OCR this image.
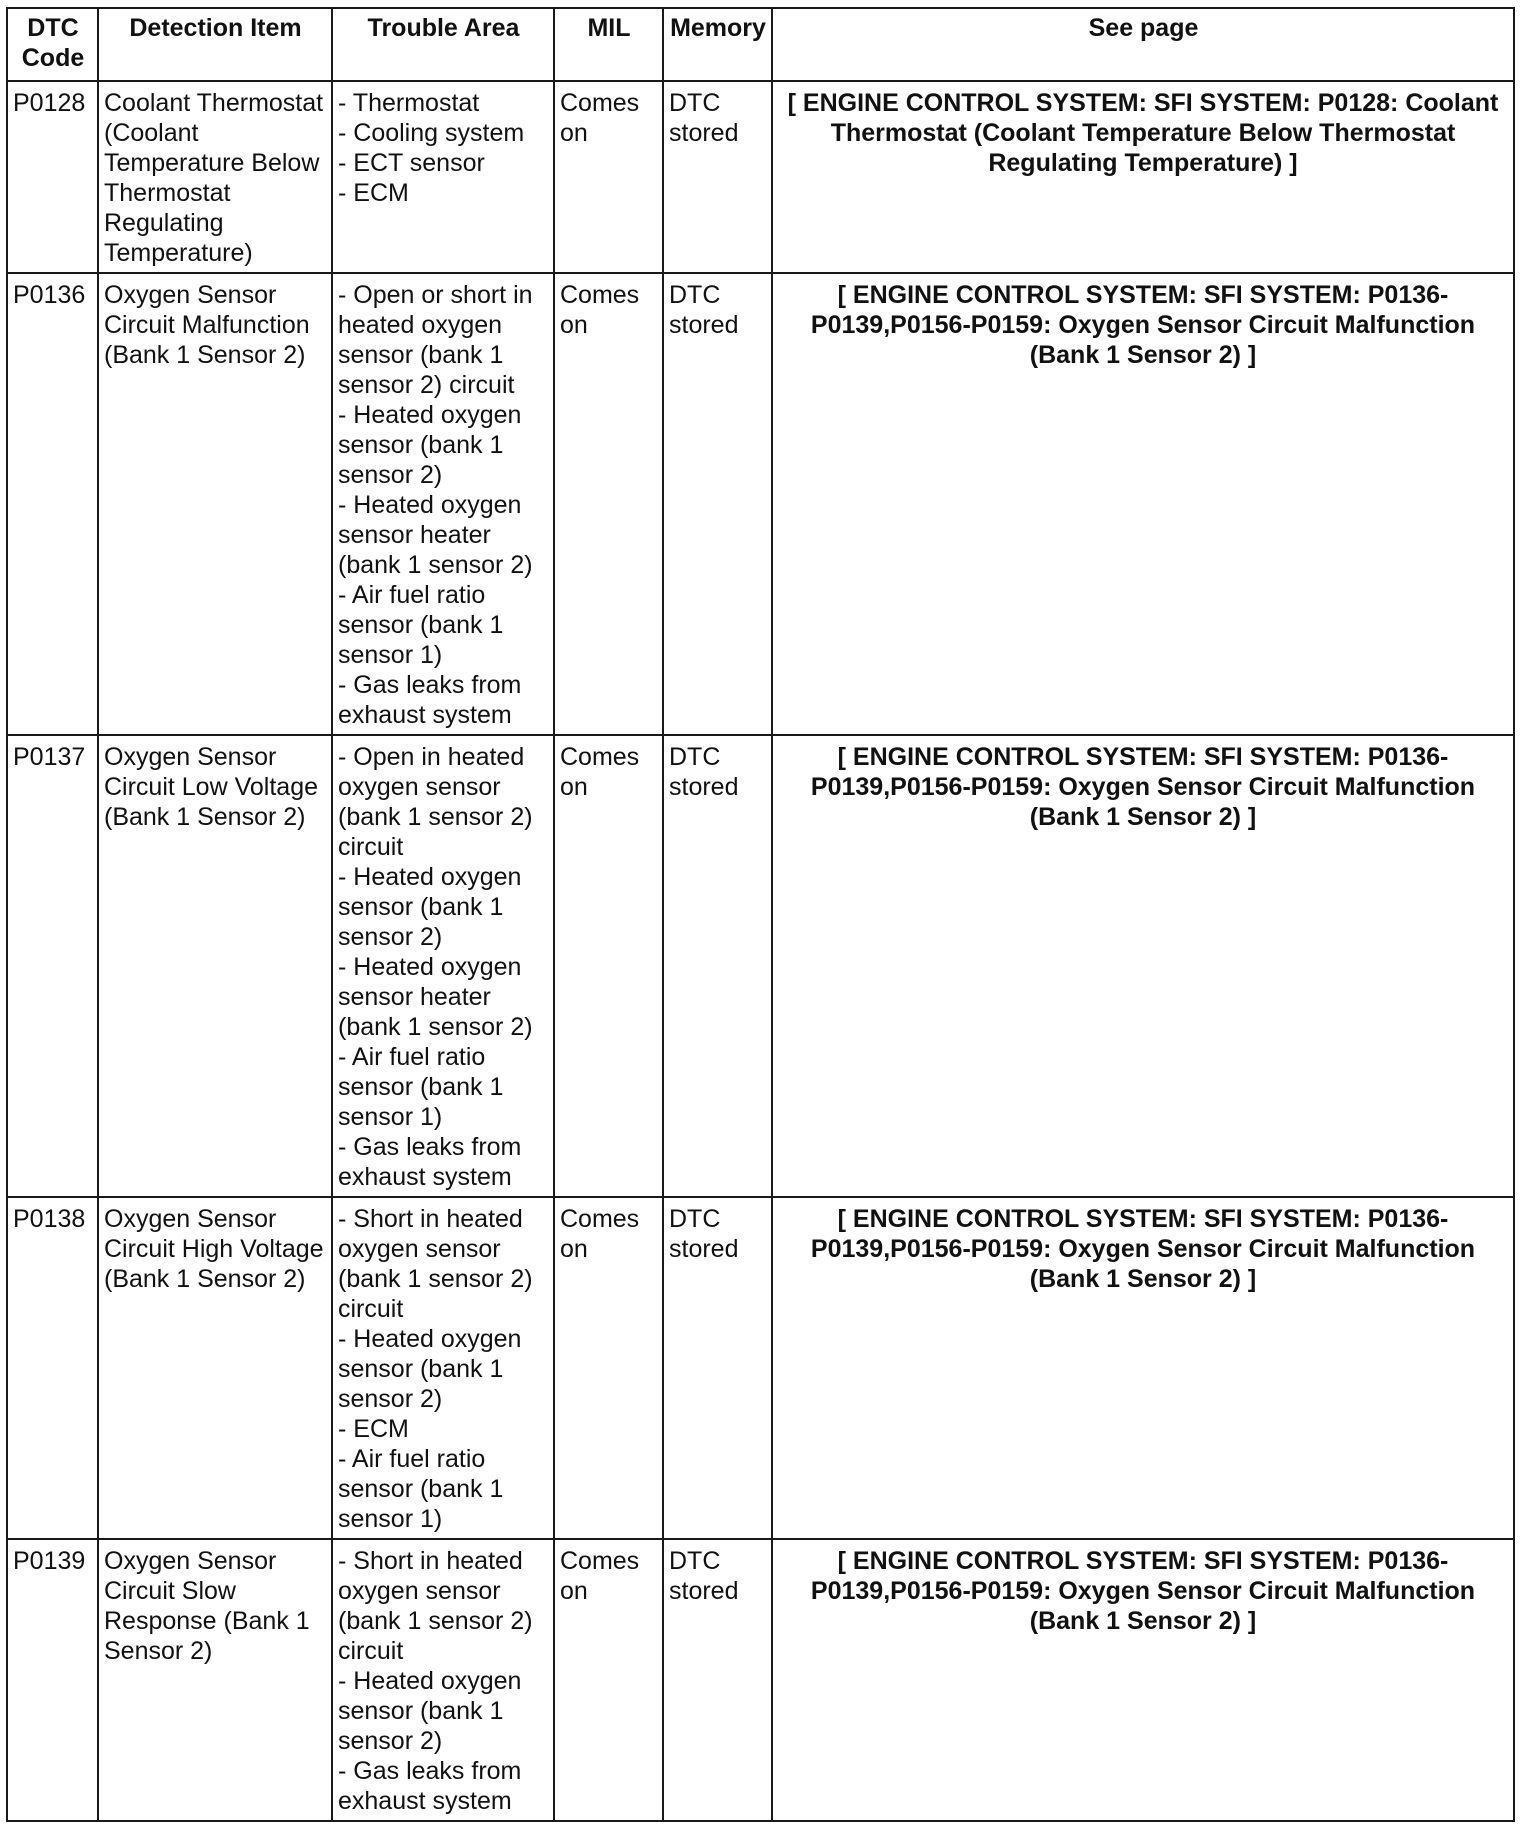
DTC Code	Detection Item	Trouble Area	MIL	Memory	See page
P0128	Coolant Thermostat (Coolant Temperature Below Thermostat Regulating Temperature)	- Thermostat
- Cooling system
- ECT sensor
- ECM	Comes on	DTC stored	[ ENGINE CONTROL SYSTEM: SFI SYSTEM: P0128: Coolant Thermostat (Coolant Temperature Below Thermostat Regulating Temperature) ]
P0136	Oxygen Sensor Circuit Malfunction (Bank 1 Sensor 2)	- Open or short in heated oxygen sensor (bank 1 sensor 2) circuit
- Heated oxygen sensor (bank 1 sensor 2)
- Heated oxygen sensor heater (bank 1 sensor 2)
- Air fuel ratio sensor (bank 1 sensor 1)
- Gas leaks from exhaust system	Comes on	DTC stored	[ ENGINE CONTROL SYSTEM: SFI SYSTEM: P0136-P0139,P0156-P0159: Oxygen Sensor Circuit Malfunction (Bank 1 Sensor 2) ]
P0137	Oxygen Sensor Circuit Low Voltage (Bank 1 Sensor 2)	- Open in heated oxygen sensor (bank 1 sensor 2) circuit
- Heated oxygen sensor (bank 1 sensor 2)
- Heated oxygen sensor heater (bank 1 sensor 2)
- Air fuel ratio sensor (bank 1 sensor 1)
- Gas leaks from exhaust system	Comes on	DTC stored	[ ENGINE CONTROL SYSTEM: SFI SYSTEM: P0136-P0139,P0156-P0159: Oxygen Sensor Circuit Malfunction (Bank 1 Sensor 2) ]
P0138	Oxygen Sensor Circuit High Voltage (Bank 1 Sensor 2)	- Short in heated oxygen sensor (bank 1 sensor 2) circuit
- Heated oxygen sensor (bank 1 sensor 2)
- ECM
- Air fuel ratio sensor (bank 1 sensor 1)	Comes on	DTC stored	[ ENGINE CONTROL SYSTEM: SFI SYSTEM: P0136-P0139,P0156-P0159: Oxygen Sensor Circuit Malfunction (Bank 1 Sensor 2) ]
P0139	Oxygen Sensor Circuit Slow Response (Bank 1 Sensor 2)	- Short in heated oxygen sensor (bank 1 sensor 2) circuit
- Heated oxygen sensor (bank 1 sensor 2)
- Gas leaks from exhaust system	Comes on	DTC stored	[ ENGINE CONTROL SYSTEM: SFI SYSTEM: P0136-P0139,P0156-P0159: Oxygen Sensor Circuit Malfunction (Bank 1 Sensor 2) ]
